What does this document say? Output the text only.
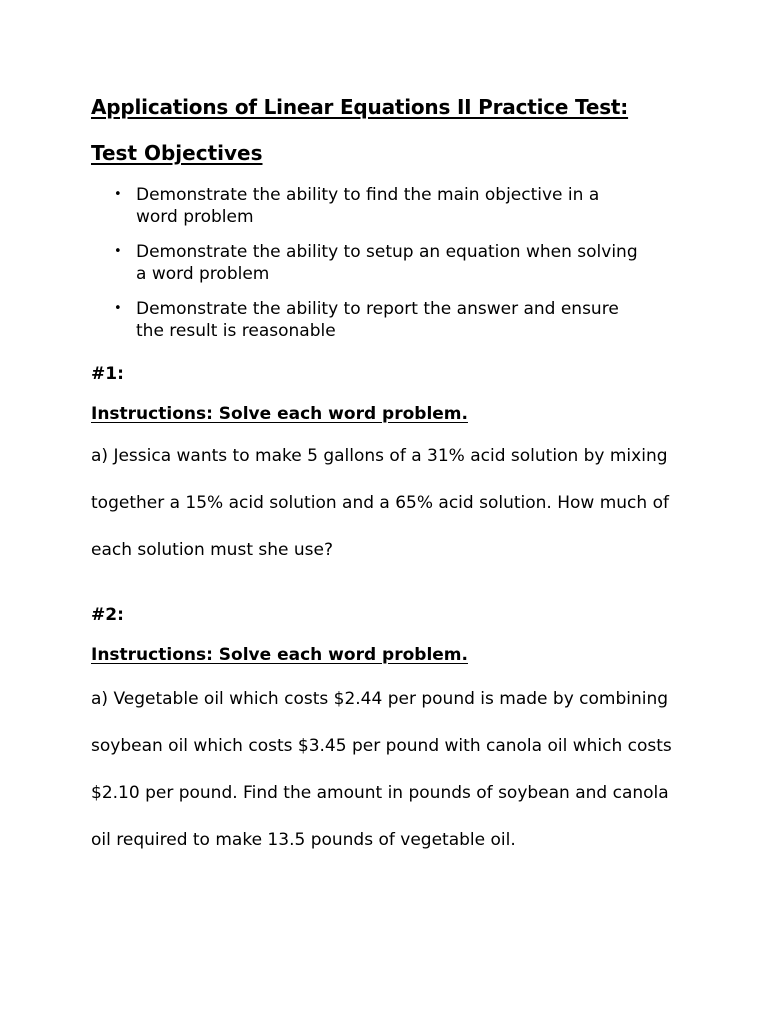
Applications of Linear Equations II Practice Test:
Test Objectives
• Demonstrate the ability to find the main objective in a word problem
• Demonstrate the ability to setup an equation when solving a word problem
• Demonstrate the ability to report the answer and ensure the result is reasonable

#1:

Instructions: Solve each word problem.

a) Jessica wants to make 5 gallons of a 31% acid solution by mixing together a 15% acid solution and a 65% acid solution. How much of each solution must she use?

#2:

Instructions: Solve each word problem.

a) Vegetable oil which costs $2.44 per pound is made by combining soybean oil which costs $3.45 per pound with canola oil which costs $2.10 per pound. Find the amount in pounds of soybean and canola oil required to make 13.5 pounds of vegetable oil.
